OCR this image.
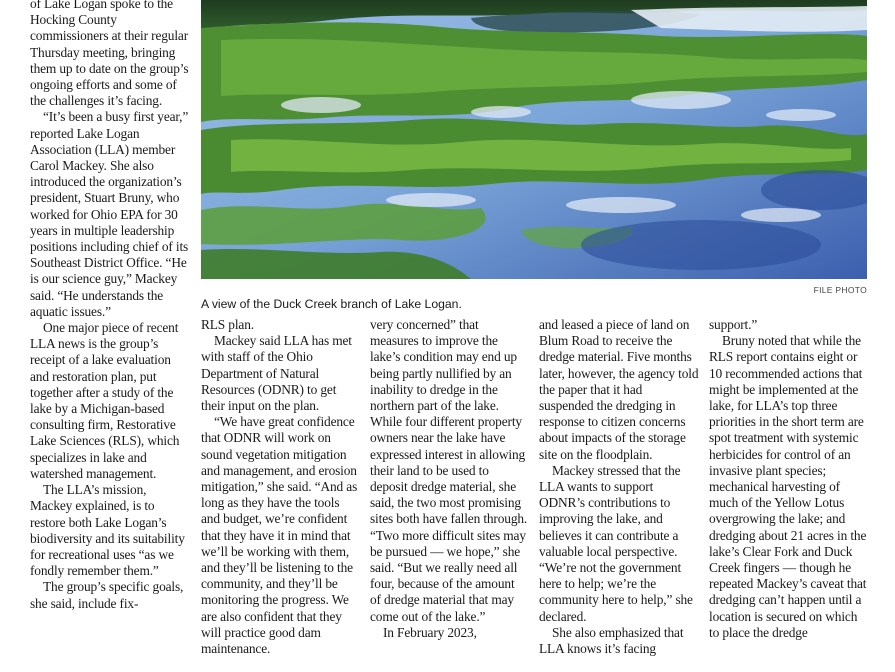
FILE PHOTO
A view of the Duck Creek branch of Lake Logan.

of Lake Logan spoke to the Hocking County commissioners at their regular Thursday meeting, bringing them up to date on the group’s ongoing efforts and some of the challenges it’s facing.

“It’s been a busy first year,” reported Lake Logan Association (LLA) member Carol Mackey. She also introduced the organization’s president, Stuart Bruny, who worked for Ohio EPA for 30 years in multiple leadership positions including chief of its Southeast District Office. “He is our science guy,” Mackey said. “He understands the aquatic issues.”

One major piece of recent LLA news is the group’s receipt of a lake evaluation and restoration plan, put together after a study of the lake by a Michigan-based consulting firm, Restorative Lake Sciences (RLS), which specializes in lake and watershed management.

The LLA’s mission, Mackey explained, is to restore both Lake Logan’s biodiversity and its suitability for recreational uses “as we fondly remember them.”

The group’s specific goals, she said, include fix-

RLS plan.

Mackey said LLA has met with staff of the Ohio Department of Natural Resources (ODNR) to get their input on the plan.

“We have great confidence that ODNR will work on sound vegetation mitigation and management, and erosion mitigation,” she said. “And as long as they have the tools and budget, we’re confident that they have it in mind that we’ll be working with them, and they’ll be listening to the community, and they’ll be monitoring the progress. We are also confident that they will practice good dam maintenance.

very concerned” that measures to improve the lake’s condition may end up being partly nullified by an inability to dredge in the northern part of the lake. While four different property owners near the lake have expressed interest in allowing their land to be used to deposit dredge material, she said, the two most promising sites both have fallen through. “Two more difficult sites may be pursued — we hope,” she said. “But we really need all four, because of the amount of dredge material that may come out of the lake.”

In February 2023,

and leased a piece of land on Blum Road to receive the dredge material. Five months later, however, the agency told the paper that it had suspended the dredging in response to citizen concerns about impacts of the storage site on the floodplain.

Mackey stressed that the LLA wants to support ODNR’s contributions to improving the lake, and believes it can contribute a valuable local perspective. “We’re not the government here to help; we’re the community here to help,” she declared.

She also emphasized that LLA knows it’s facing

support.”

Bruny noted that while the RLS report contains eight or 10 recommended actions that might be implemented at the lake, for LLA’s top three priorities in the short term are spot treatment with systemic herbicides for control of an invasive plant species; mechanical harvesting of much of the Yellow Lotus overgrowing the lake; and dredging about 21 acres in the lake’s Clear Fork and Duck Creek fingers — though he repeated Mackey’s caveat that dredging can’t happen until a location is secured on which to place the dredge
